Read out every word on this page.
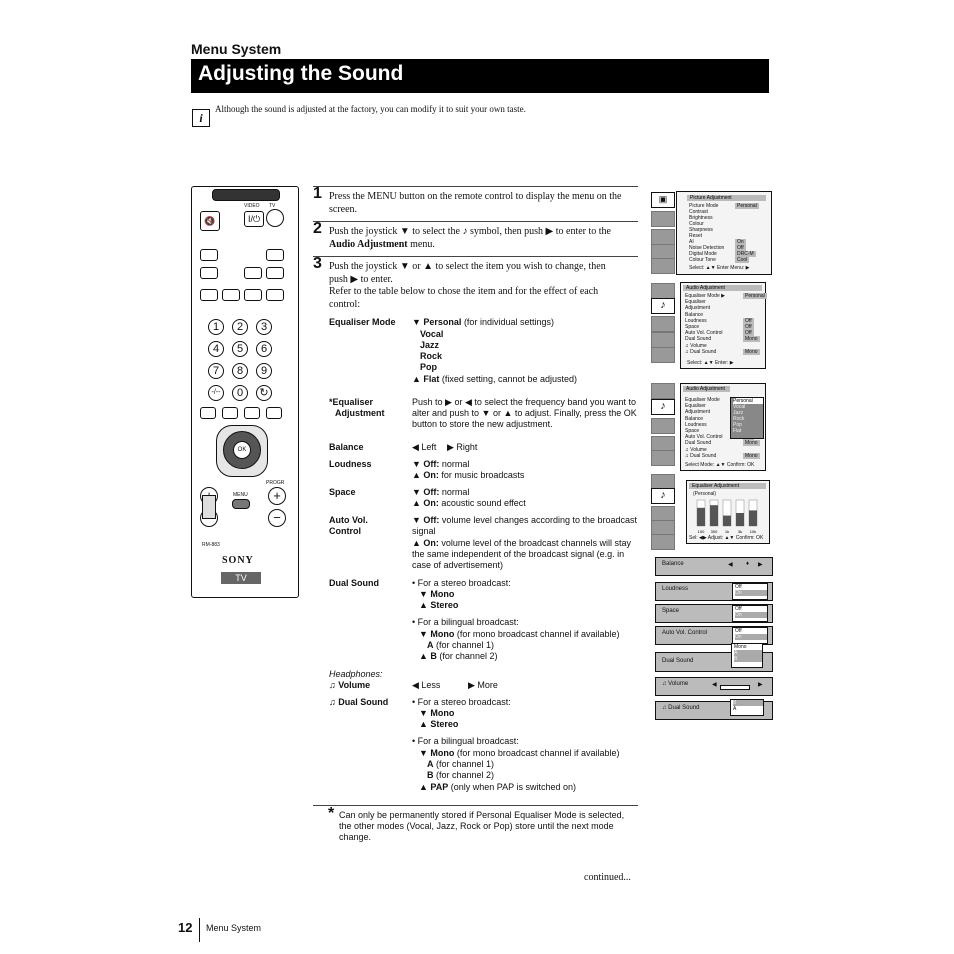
Menu System
Adjusting the Sound
i
Although the sound is adjusted at the factory, you can modify it to suit your own taste.
🔇
VIDEO TV
I/⏻
1	2	3
4	5	6
7	8	9
-/--	0	↻
OK
PROGR
MENU	+
−
RM-883
SONY
TV
1 Press the MENU button on the remote control to display the menu on the screen.
2 Push the joystick ▼ to select the ♪ symbol, then push ▶ to enter to the Audio Adjustment menu.
3 Push the joystick ▼ or ▲ to select the item you wish to change, then push ▶ to enter.
Refer to the table below to chose the item and for the effect of each control:
Equaliser Mode ▼ Personal (for individual settings)
Vocal
Jazz
Rock
Pop
▲ Flat (fixed setting, cannot be adjusted)
*Equaliser
Adjustment
Push to ▶ or ◀ to select the frequency band you want to alter and push to ▼ or ▲ to adjust. Finally, press the OK button to store the new adjustment.
Balance	◀ Left ▶ Right
Loudness	▼ Off: normal
▲ On: for music broadcasts
Space	▼ Off: normal
▲ On: acoustic sound effect
Auto Vol.
Control
▼ Off: volume level changes according to the broadcast signal
▲ On: volume level of the broadcast channels will stay the same independent of the broadcast signal (e.g. in case of advertisement)
Dual Sound	• For a stereo broadcast:
▼ Mono
▲ Stereo
• For a bilingual broadcast:
▼ Mono (for mono broadcast channel if available)
A (for channel 1)
▲ B (for channel 2)
Headphones:
♫ Volume	◀ Less	▶ More
♫ Dual Sound	• For a stereo broadcast:
▼ Mono
▲ Stereo
• For a bilingual broadcast:
▼ Mono (for mono broadcast channel if available)
A (for channel 1)
B (for channel 2)
▲ PAP (only when PAP is switched on)
* Can only be permanently stored if Personal Equaliser Mode is selected, the other modes (Vocal, Jazz, Rock or Pop) store until the next mode change.
continued...
12 Menu System
▣	Picture Adjustment
Picture Mode	Personal
Contrast
Brightness
Colour
Sharpness
Reset
AI	On
Noise Detection	Off
Digital Mode	DRC-M
Colour Tone	Cool
Select: ▲▼ Enter Menu: ▶
♪
Audio Adjustment
Equaliser Mode ▶	Personal
Equaliser
Adjustment
Balance
Loudness	Off
Space	Off
Auto Vol. Control	Off
Dual Sound	Mono
♫ Volume
♫ Dual Sound	Mono
Select: ▲▼ Enter: ▶
♪
Audio Adjustment
Equaliser Mode
Equaliser
Adjustment
Balance
Loudness
Space
Auto Vol. Control
Dual Sound	Mono
♫ Volume
♫ Dual Sound	Mono
Select Mode: ▲▼ Confirm: OK
Personal
Vocal
Jazz
Rock
Pop
Flat
♪
Equaliser Adjustment
(Personal)
100 300 1k 3k 10k
Sel: ◀▶ Adjust: ▲▼ Confirm: OK
Balance	◀ ♦ ▶
Loudness	Off
On
Space	Off
On
Auto Vol. Control	Off
On
Dual Sound
Mono
A
B
♫ Volume	◀	▶
♫ Dual Sound
B
A
